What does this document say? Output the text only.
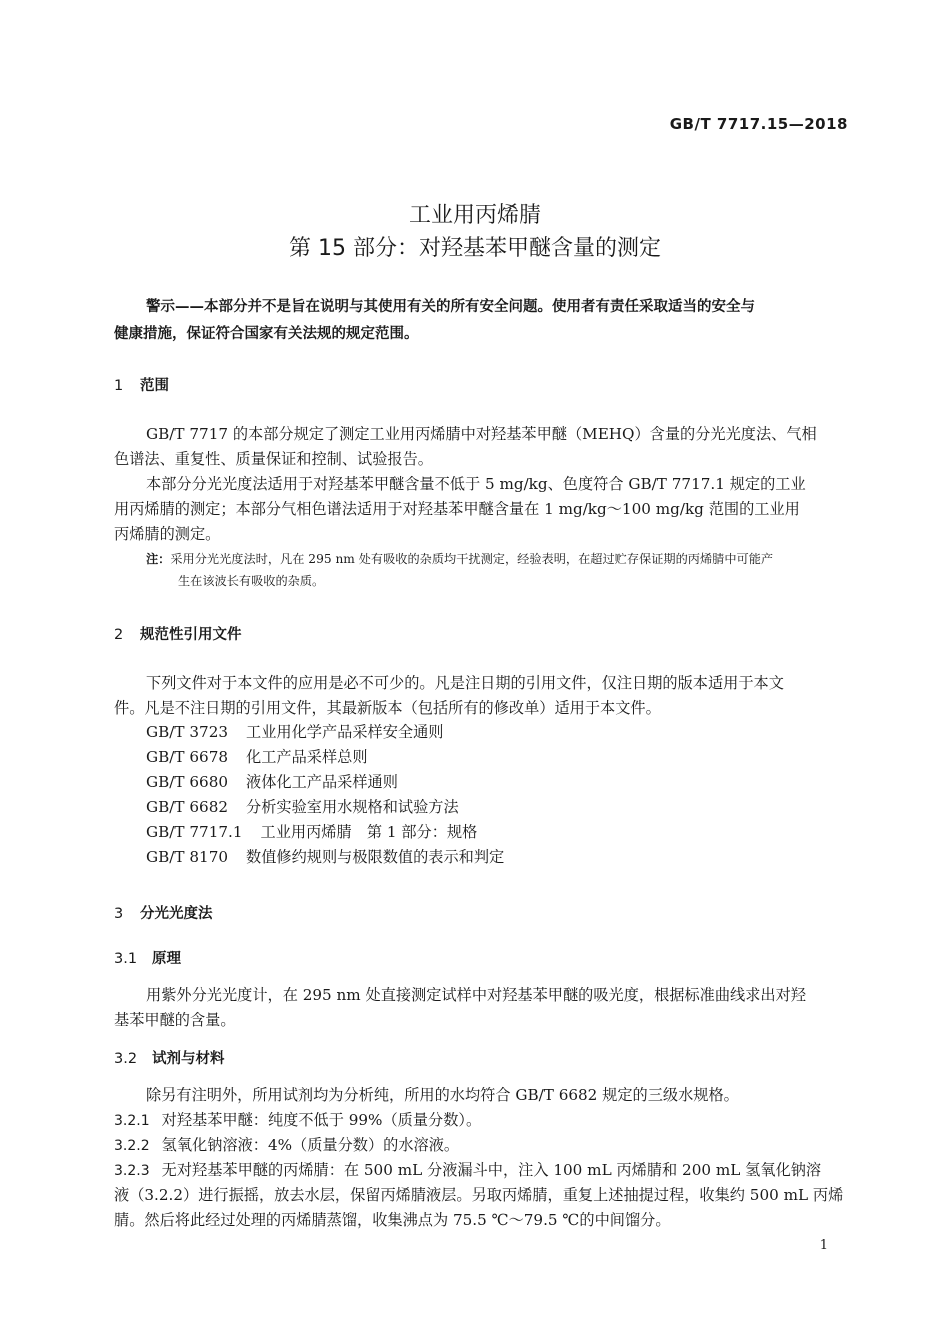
GB/T 7717.15—2018
工业用丙烯腈
第 15 部分：对羟基苯甲醚含量的测定
警示——本部分并不是旨在说明与其使用有关的所有安全问题。使用者有责任采取适当的安全与
健康措施，保证符合国家有关法规的规定范围。
1 范围
GB/T 7717 的本部分规定了测定工业用丙烯腈中对羟基苯甲醚（MEHQ）含量的分光光度法、气相
色谱法、重复性、质量保证和控制、试验报告。
本部分分光光度法适用于对羟基苯甲醚含量不低于 5 mg/kg、色度符合 GB/T 7717.1 规定的工业
用丙烯腈的测定；本部分气相色谱法适用于对羟基苯甲醚含量在 1 mg/kg～100 mg/kg 范围的工业用
丙烯腈的测定。
注：采用分光光度法时，凡在 295 nm 处有吸收的杂质均干扰测定，经验表明，在超过贮存保证期的丙烯腈中可能产
生在该波长有吸收的杂质。
2 规范性引用文件
下列文件对于本文件的应用是必不可少的。凡是注日期的引用文件，仅注日期的版本适用于本文
件。凡是不注日期的引用文件，其最新版本（包括所有的修改单）适用于本文件。
GB/T 3723 工业用化学产品采样安全通则
GB/T 6678 化工产品采样总则
GB/T 6680 液体化工产品采样通则
GB/T 6682 分析实验室用水规格和试验方法
GB/T 7717.1 工业用丙烯腈　第 1 部分：规格
GB/T 8170 数值修约规则与极限数值的表示和判定
3 分光光度法
3.1 原理
用紫外分光光度计，在 295 nm 处直接测定试样中对羟基苯甲醚的吸光度，根据标准曲线求出对羟
基苯甲醚的含量。
3.2 试剂与材料
除另有注明外，所用试剂均为分析纯，所用的水均符合 GB/T 6682 规定的三级水规格。
3.2.1 对羟基苯甲醚：纯度不低于 99%（质量分数）。
3.2.2 氢氧化钠溶液：4%（质量分数）的水溶液。
3.2.3 无对羟基苯甲醚的丙烯腈：在 500 mL 分液漏斗中，注入 100 mL 丙烯腈和 200 mL 氢氧化钠溶
液（3.2.2）进行振摇，放去水层，保留丙烯腈液层。另取丙烯腈，重复上述抽提过程，收集约 500 mL 丙烯
腈。然后将此经过处理的丙烯腈蒸馏，收集沸点为 75.5 ℃～79.5 ℃的中间馏分。
1
